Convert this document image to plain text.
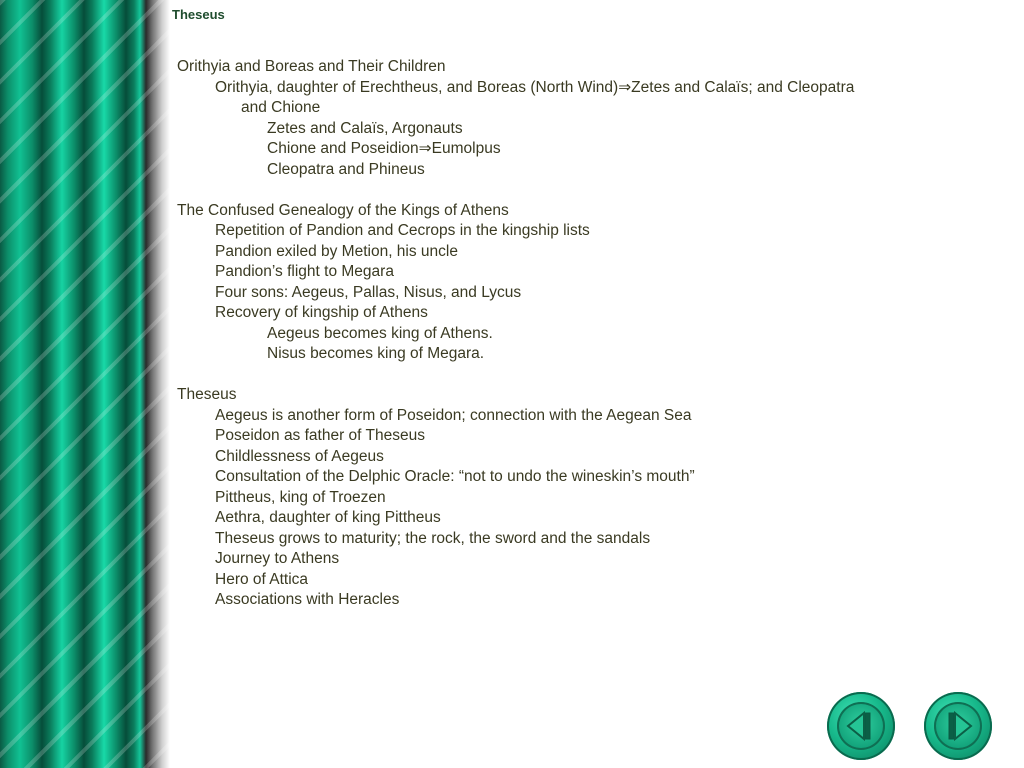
Theseus
Orithyia and Boreas and Their Children
Orithyia, daughter of Erechtheus, and Boreas (North Wind)⇒Zetes and Calaïs; and Cleopatra
and Chione
Zetes and Calaïs, Argonauts
Chione and Poseidion⇒Eumolpus
Cleopatra and Phineus
The Confused Genealogy of the Kings of Athens
Repetition of Pandion and Cecrops in the kingship lists
Pandion exiled by Metion, his uncle
Pandion’s flight to Megara
Four sons: Aegeus, Pallas, Nisus, and Lycus
Recovery of kingship of Athens
Aegeus becomes king of Athens.
Nisus becomes king of Megara.
Theseus
Aegeus is another form of Poseidon; connection with the Aegean Sea
Poseidon as father of Theseus
Childlessness of Aegeus
Consultation of the Delphic Oracle: “not to undo the wineskin’s mouth”
Pittheus, king of Troezen
Aethra, daughter of king Pittheus
Theseus grows to maturity; the rock, the sword and the sandals
Journey to Athens
Hero of Attica
Associations with Heracles
